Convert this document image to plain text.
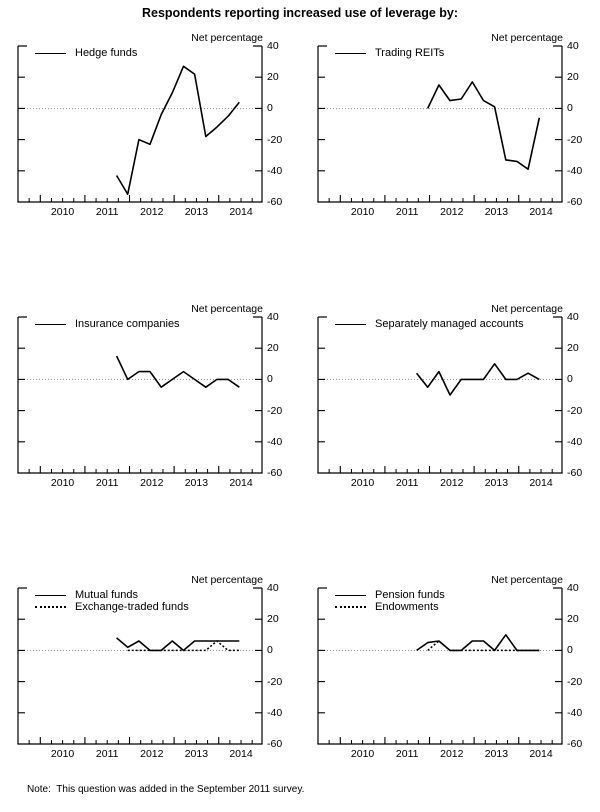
Respondents reporting increased use of leverage by:
Net percentage
40
20
0
-20
-40
-60
2010 2011 2012 2013 2014
Hedge funds
Net percentage
40
20
0
-20
-40
-60
2010 2011 2012 2013 2014
Trading REITs
Net percentage
40
20
0
-20
-40
-60
2010 2011 2012 2013 2014
Insurance companies
Net percentage
40
20
0
-20
-40
-60
2010 2011 2012 2013 2014
Separately managed accounts
Net percentage
40
20
0
-20
-40
-60
2010 2011 2012 2013 2014
Mutual funds
Exchange-traded funds
Net percentage
40
20
0
-20
-40
-60
2010 2011 2012 2013 2014
Pension funds
Endowments
Note:  This question was added in the September 2011 survey.
